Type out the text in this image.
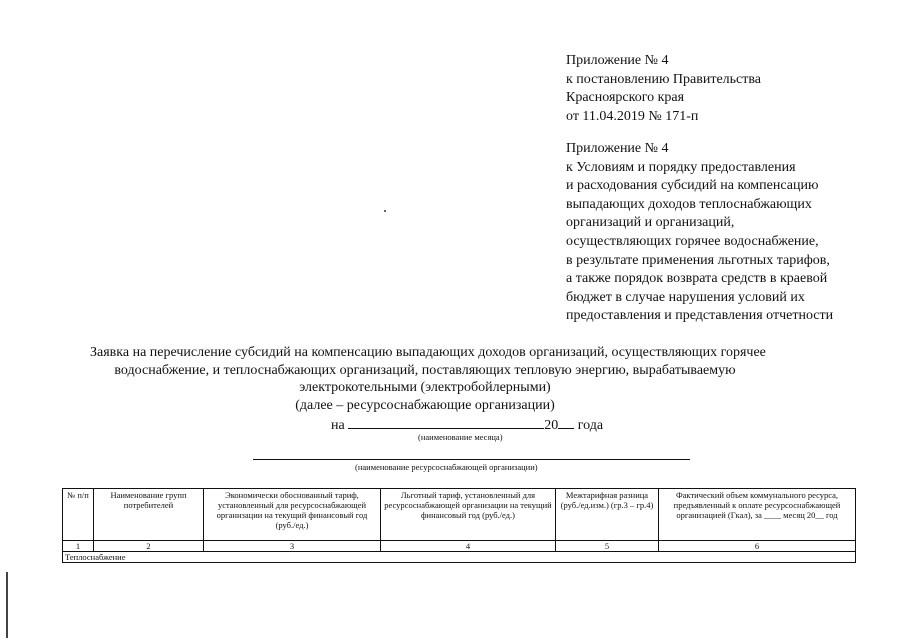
Приложение № 4
к постановлению Правительства
Красноярского края
от 11.04.2019 № 171-п
Приложение № 4
к Условиям и порядку предоставления
и расходования субсидий на компенсацию
выпадающих доходов теплоснабжающих
организаций и организаций,
осуществляющих горячее водоснабжение,
в результате применения льготных тарифов,
а также порядок возврата средств в краевой
бюджет в случае нарушения условий их
предоставления и представления отчетности
Заявка на перечисление субсидий на компенсацию выпадающих доходов организаций, осуществляющих горячее
водоснабжение, и теплоснабжающих организаций, поставляющих тепловую энергию, вырабатываемую
электрокотельными (электробойлерными)
(далее – ресурсоснабжающие организации)
на	20 года
(наименование месяца)
(наименование ресурсоснабжающей организации)
№ п/п	Наименование групп потребителей	Экономически обоснованный тариф, установленный для ресурсоснабжающей организации на текущий финансовый год (руб./ед.)	Льготный тариф, установленный для ресурсоснабжающей организации на текущий финансовый год (руб./ед.)	Межтарифная разница (руб./ед.изм.) (гр.3 – гр.4)	Фактический объем коммунального ресурса, предъявленный к оплате ресурсоснабжающей организацией (Гкал), за ____ месяц 20__ год
1	2	3	4	5	6
Теплоснабжение					
